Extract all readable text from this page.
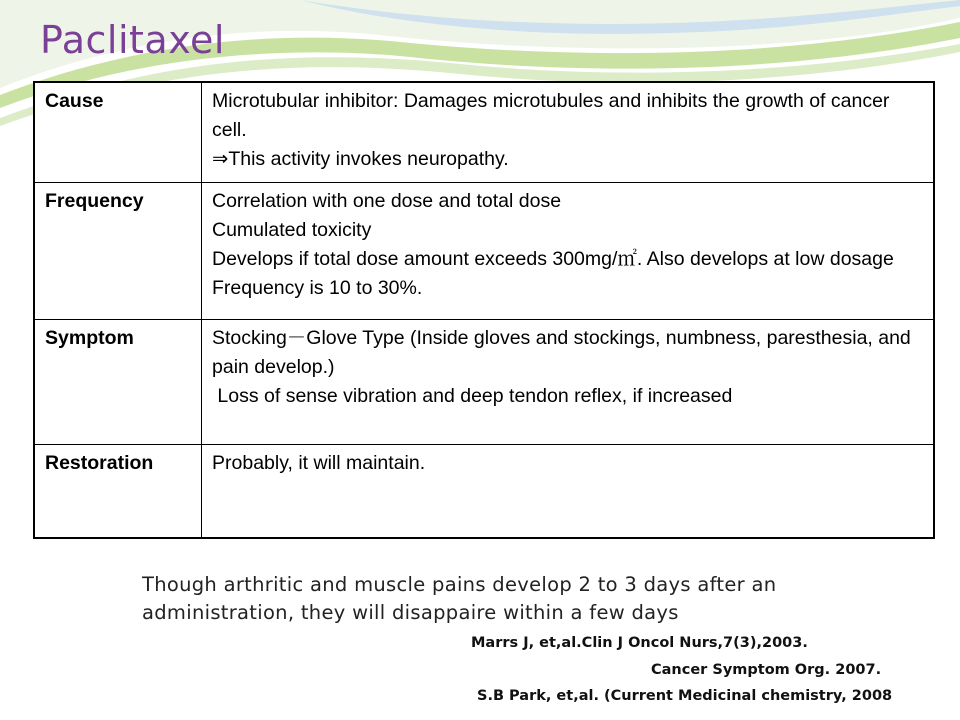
Paclitaxel
Cause	Microtubular inhibitor: Damages microtubules and inhibits the growth of cancer cell.
⇒This activity invokes neuropathy.

Frequency	Correlation with one dose and total dose
Cumulated toxicity
Develops if total dose amount exceeds 300mg/㎡. Also develops at low dosage
Frequency is 10 to 30%.

Symptom	Stocking－Glove Type (Inside gloves and stockings, numbness, paresthesia, and pain develop.)
Loss of sense vibration and deep tendon reflex, if increased

Restoration	Probably, it will maintain.
Though arthritic and muscle pains develop 2 to 3 days after an administration, they will disappaire within a few days
Marrs J, et,al.Clin J Oncol Nurs,7(3),2003.
Cancer Symptom Org. 2007.
S.B Park, et,al. (Current Medicinal chemistry, 2008
